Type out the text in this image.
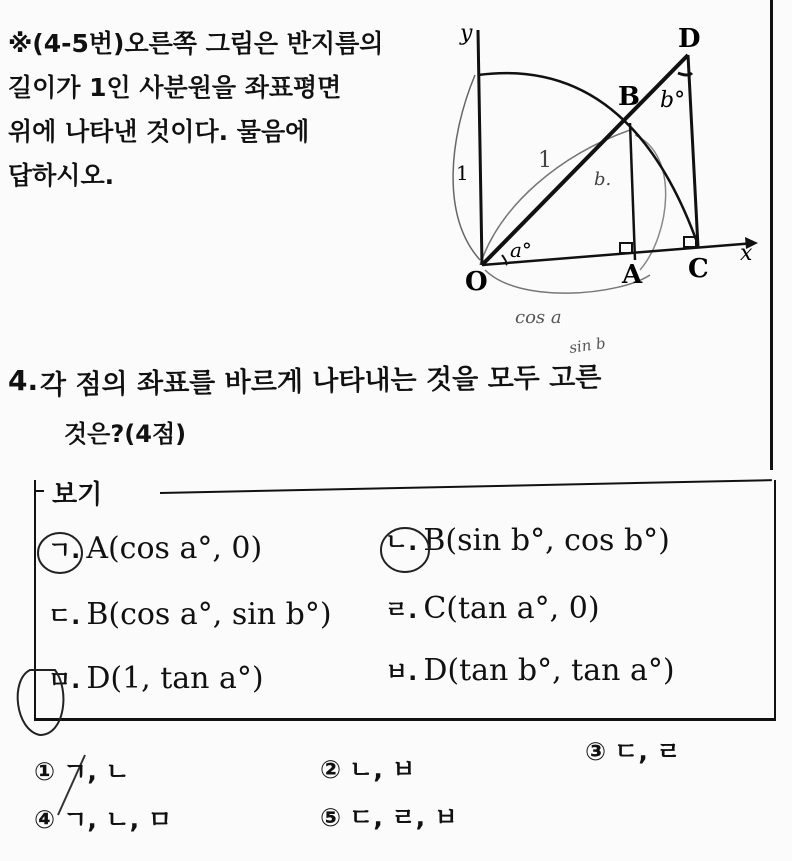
※(4-5번)오른쪽 그림은 반지름의
길이가 1인 사분원을 좌표평면
위에 나타낸 것이다. 물음에
답하시오.
y
x
O	A
B
C
D
a°
b°
1	1
b.
cos a
sin b
4. 각 점의 좌표를 바르게 나타내는 것을 모두 고른
것은?(4점)
보기
ㄱ. A(cos a°, 0)	ㄴ. B(sin b°, cos b°)
ㄷ. B(cos a°, sin b°) ㄹ. C(tan a°, 0)
ㅁ. D(1, tan a°)	ㅂ. D(tan b°, tan a°)
① ㄱ, ㄴ	② ㄴ, ㅂ
③ ㄷ, ㄹ
④ ㄱ, ㄴ, ㅁ	⑤ ㄷ, ㄹ, ㅂ
